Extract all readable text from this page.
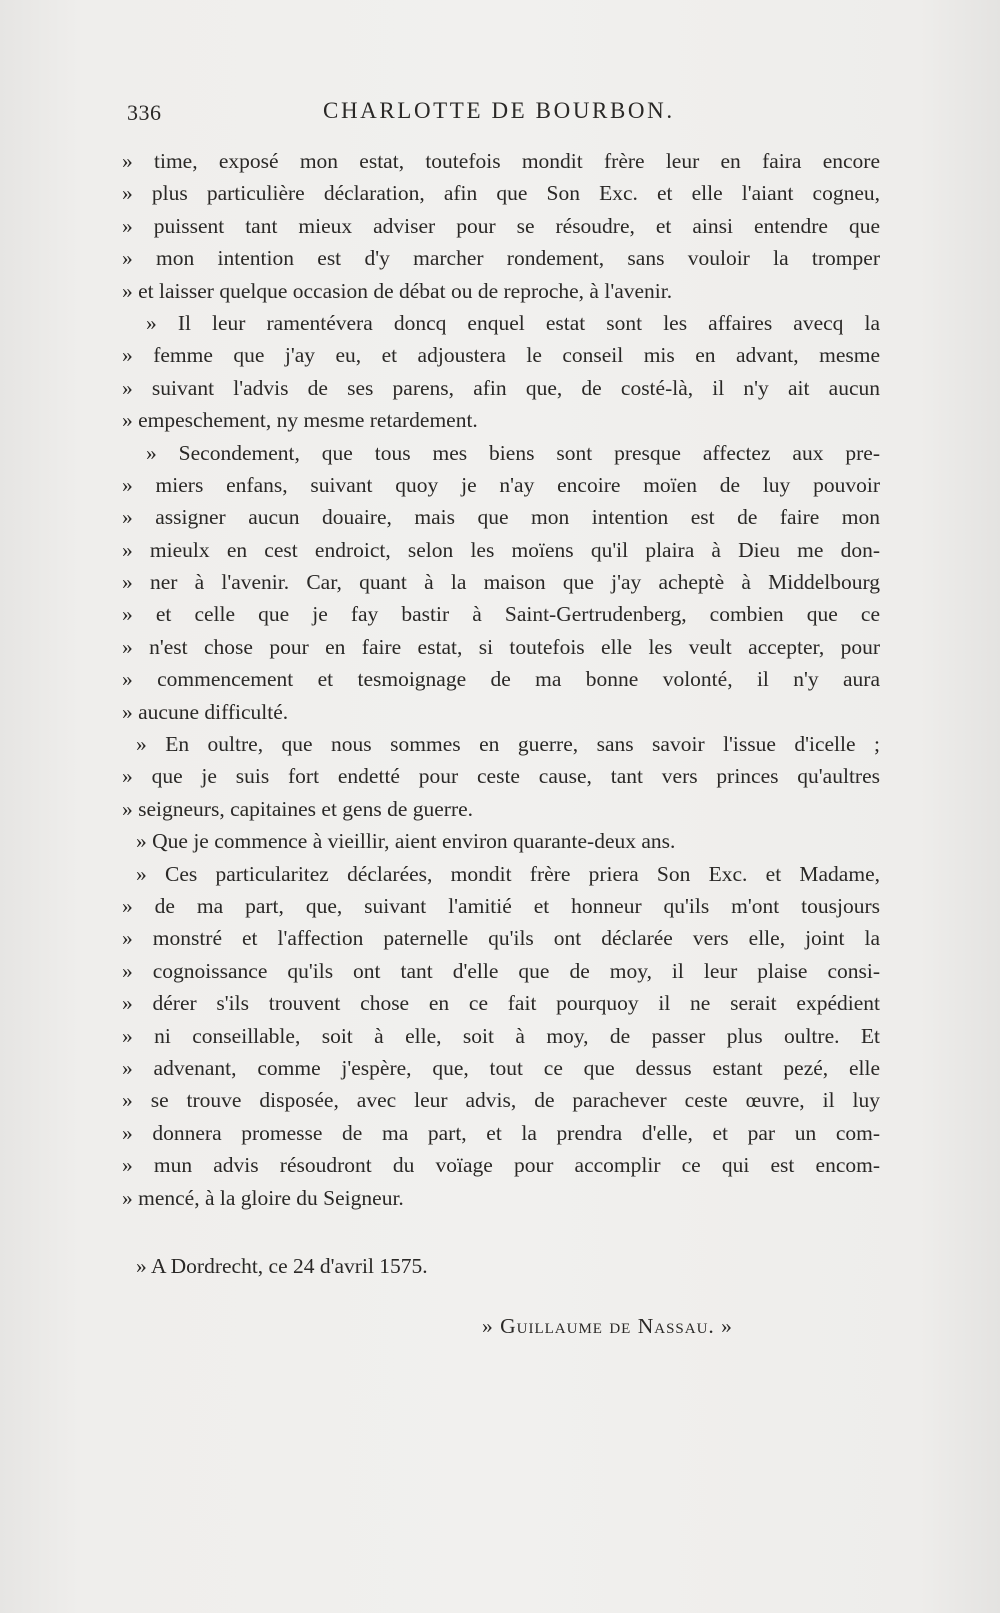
336	CHARLOTTE DE BOURBON.
» time, exposé mon estat, toutefois mondit frère leur en faira encore
» plus particulière déclaration, afin que Son Exc. et elle l'aiant cogneu,
» puissent tant mieux adviser pour se résoudre, et ainsi entendre que
» mon intention est d'y marcher rondement, sans vouloir la tromper
» et laisser quelque occasion de débat ou de reproche, à l'avenir.
» Il leur ramentévera doncq enquel estat sont les affaires avecq la
» femme que j'ay eu, et adjoustera le conseil mis en advant, mesme
» suivant l'advis de ses parens, afin que, de costé-là, il n'y ait aucun
» empeschement, ny mesme retardement.
» Secondement, que tous mes biens sont presque affectez aux pre-
» miers enfans, suivant quoy je n'ay encoire moïen de luy pouvoir
» assigner aucun douaire, mais que mon intention est de faire mon
» mieulx en cest endroict, selon les moïens qu'il plaira à Dieu me don-
» ner à l'avenir. Car, quant à la maison que j'ay acheptè à Middelbourg
» et celle que je fay bastir à Saint-Gertrudenberg, combien que ce
» n'est chose pour en faire estat, si toutefois elle les veult accepter, pour
» commencement et tesmoignage de ma bonne volonté, il n'y aura
» aucune difficulté.
» En oultre, que nous sommes en guerre, sans savoir l'issue d'icelle ;
» que je suis fort endetté pour ceste cause, tant vers princes qu'aultres
» seigneurs, capitaines et gens de guerre.
» Que je commence à vieillir, aient environ quarante-deux ans.
» Ces particularitez déclarées, mondit frère priera Son Exc. et Madame,
» de ma part, que, suivant l'amitié et honneur qu'ils m'ont tousjours
» monstré et l'affection paternelle qu'ils ont déclarée vers elle, joint la
» cognoissance qu'ils ont tant d'elle que de moy, il leur plaise consi-
» dérer s'ils trouvent chose en ce fait pourquoy il ne serait expédient
» ni conseillable, soit à elle, soit à moy, de passer plus oultre. Et
» advenant, comme j'espère, que, tout ce que dessus estant pezé, elle
» se trouve disposée, avec leur advis, de parachever ceste œuvre, il luy
» donnera promesse de ma part, et la prendra d'elle, et par un com-
» mun advis résoudront du voïage pour accomplir ce qui est encom-
» mencé, à la gloire du Seigneur.
» A Dordrecht, ce 24 d'avril 1575.
» Guillaume de Nassau. »
